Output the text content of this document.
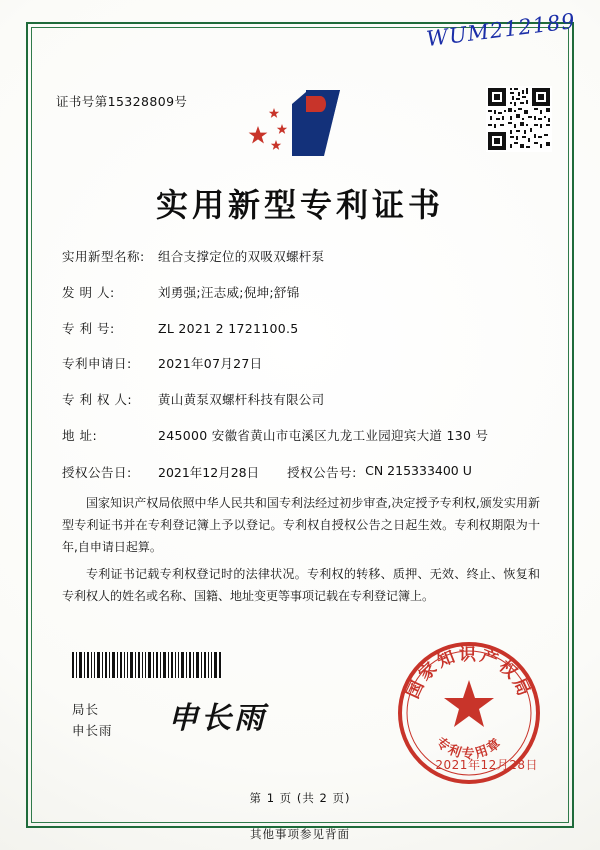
WUM212189
证书号第15328809号
实用新型专利证书
实用新型名称:	组合支撑定位的双吸双螺杆泵
发 明 人:	刘勇强;汪志威;倪坤;舒锦
专 利 号:	ZL 2021 2 1721100.5
专利申请日:	2021年07月27日
专 利 权 人:	黄山黄泵双螺杆科技有限公司
地 址:	245000 安徽省黄山市屯溪区九龙工业园迎宾大道 130 号
授权公告日:	2021年12月28日 授权公告号: CN 215333400 U

国家知识产权局依照中华人民共和国专利法经过初步审查,决定授予专利权,颁发实用新型专利证书并在专利登记簿上予以登记。专利权自授权公告之日起生效。专利权期限为十年,自申请日起算。

专利证书记载专利权登记时的法律状况。专利权的转移、质押、无效、终止、恢复和专利权人的姓名或名称、国籍、地址变更等事项记载在专利登记簿上。

局长
申长雨 申长雨
国家知识产权局
专利专用章
2021年12月28日
第 1 页 (共 2 页)
其他事项参见背面
